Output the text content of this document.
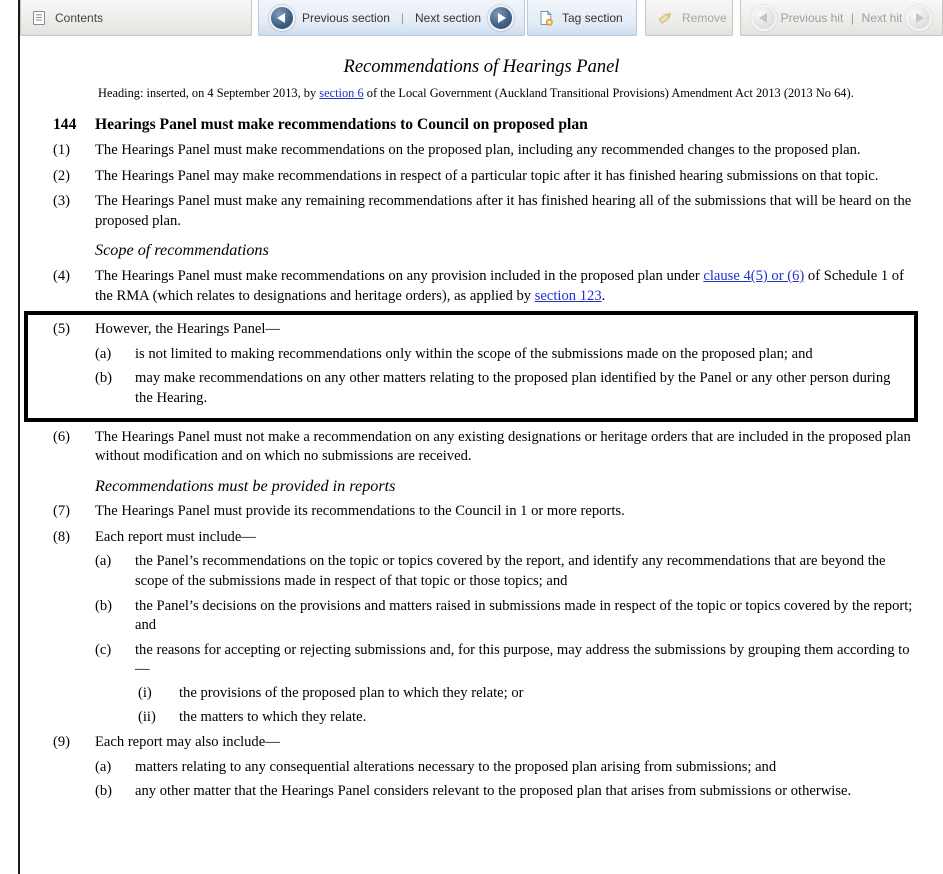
Contents	Previous section | Next section	Tag section	Remove	Previous hit | Next hit
Recommendations of Hearings Panel
Heading: inserted, on 4 September 2013, by section 6 of the Local Government (Auckland Transitional Provisions) Amendment Act 2013 (2013 No 64).
144	Hearings Panel must make recommendations to Council on proposed plan
(1)	The Hearings Panel must make recommendations on the proposed plan, including any recommended changes to the proposed plan.
(2)	The Hearings Panel may make recommendations in respect of a particular topic after it has finished hearing submissions on that topic.
(3)	The Hearings Panel must make any remaining recommendations after it has finished hearing all of the submissions that will be heard on the proposed plan.
Scope of recommendations
(4)	The Hearings Panel must make recommendations on any provision included in the proposed plan under clause 4(5) or (6) of Schedule 1 of the RMA (which relates to designations and heritage orders), as applied by section 123.
(5)	However, the Hearings Panel—
(a)	is not limited to making recommendations only within the scope of the submissions made on the proposed plan; and
(b)	may make recommendations on any other matters relating to the proposed plan identified by the Panel or any other person during the Hearing.
(6)	The Hearings Panel must not make a recommendation on any existing designations or heritage orders that are included in the proposed plan without modification and on which no submissions are received.
Recommendations must be provided in reports
(7)	The Hearings Panel must provide its recommendations to the Council in 1 or more reports.
(8)	Each report must include—
(a)	the Panel’s recommendations on the topic or topics covered by the report, and identify any recommendations that are beyond the scope of the submissions made in respect of that topic or those topics; and
(b)	the Panel’s decisions on the provisions and matters raised in submissions made in respect of the topic or topics covered by the report; and
(c)	the reasons for accepting or rejecting submissions and, for this purpose, may address the submissions by grouping them according to—
(i)	the provisions of the proposed plan to which they relate; or
(ii)	the matters to which they relate.
(9)	Each report may also include—
(a)	matters relating to any consequential alterations necessary to the proposed plan arising from submissions; and
(b)	any other matter that the Hearings Panel considers relevant to the proposed plan that arises from submissions or otherwise.
